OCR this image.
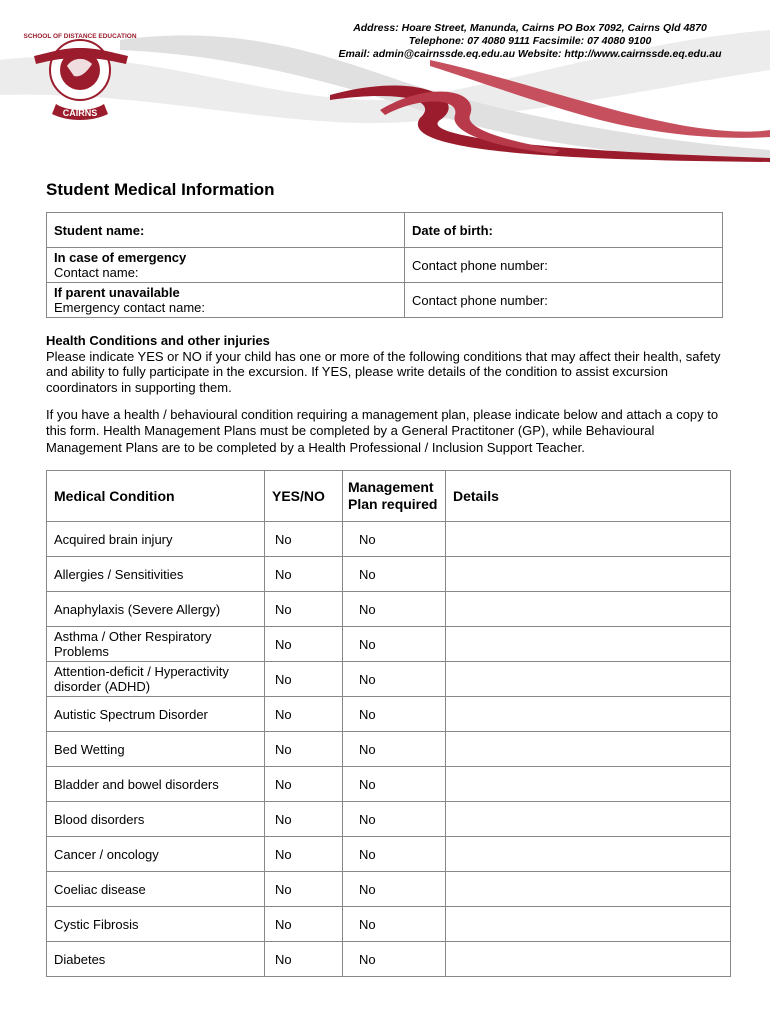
CAIRNS
SCHOOL OF DISTANCE EDUCATION
Address: Hoare Street, Manunda, Cairns PO Box 7092, Cairns Qld 4870
Telephone: 07 4080 9111 Facsimile: 07 4080 9100
Email: admin@cairnssde.eq.edu.au Website: http://www.cairnssde.eq.edu.au
Student Medical Information
Student name:	Date of birth:

In case of emergency
Contact name:	Contact phone number:

If parent unavailable
Emergency contact name:	Contact phone number:

Health Conditions and other injuries

Please indicate YES or NO if your child has one or more of the following conditions that may affect their health, safety and ability to fully participate in the excursion. If YES, please write details of the condition to assist excursion coordinators in supporting them.

If you have a health / behavioural condition requiring a management plan, please indicate below and attach a copy to this form. Health Management Plans must be completed by a General Practitoner (GP), while Behavioural Management Plans are to be completed by a Health Professional / Inclusion Support Teacher.

Medical Condition	YES/NO	Management Plan required	Details
Acquired brain injury	No	No	
Allergies / Sensitivities	No	No	
Anaphylaxis (Severe Allergy)	No	No	
Asthma / Other Respiratory Problems	No	No	
Attention-deficit / Hyperactivity disorder (ADHD)	No	No	
Autistic Spectrum Disorder	No	No	
Bed Wetting	No	No	
Bladder and bowel disorders	No	No	
Blood disorders	No	No	
Cancer / oncology	No	No	
Coeliac disease	No	No	
Cystic Fibrosis	No	No	
Diabetes	No	No	
